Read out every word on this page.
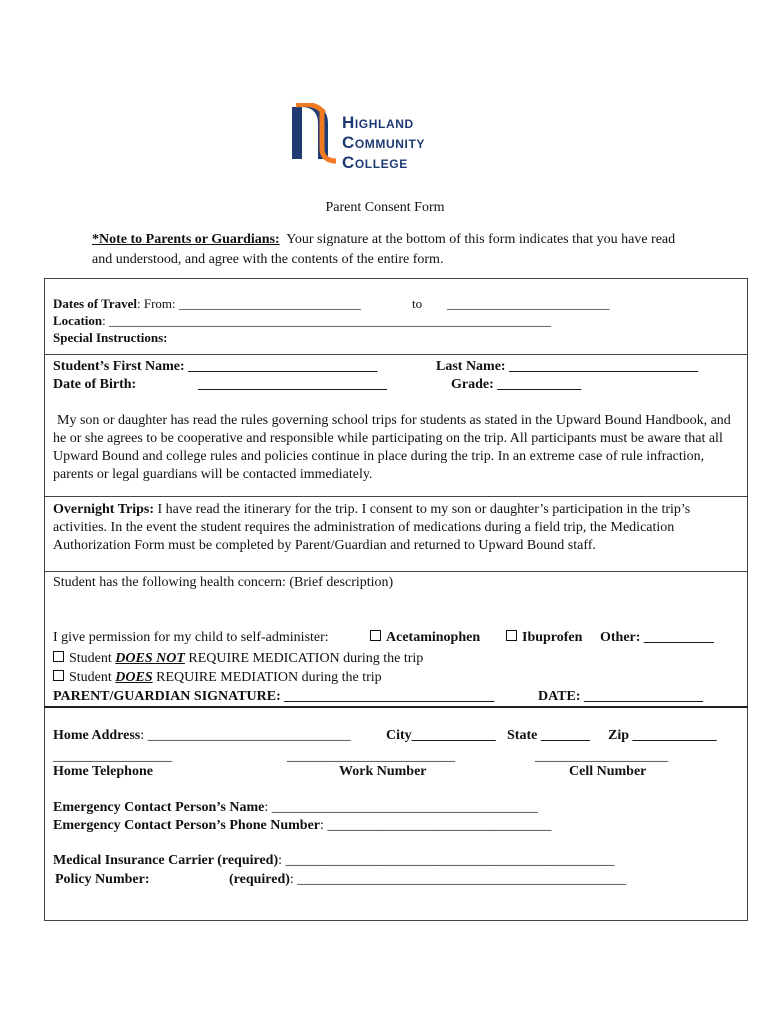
Highland
Community
College
Parent Consent Form
*Note to Parents or Guardians: Your signature at the bottom of this form indicates that you have read and understood, and agree with the contents of the entire form.
Dates of Travel: From: ____________________________	to _________________________
Location: ____________________________________________________________________
Special Instructions:
Student’s First Name: ___________________________	Last Name: ___________________________
Date of Birth:	___________________________	Grade: ____________
My son or daughter has read the rules governing school trips for students as stated in the Upward Bound Handbook, and he or she agrees to be cooperative and responsible while participating on the trip. All participants must be aware that all Upward Bound and college rules and policies continue in place during the trip. In an extreme case of rule infraction, parents or legal guardians will be contacted immediately.
Overnight Trips: I have read the itinerary for the trip. I consent to my son or daughter’s participation in the trip’s activities. In the event the student requires the administration of medications during a field trip, the Medication Authorization Form must be completed by Parent/Guardian and returned to Upward Bound staff.
Student has the following health concern: (Brief description)
I give permission for my child to self-administer:	Acetaminophen	Ibuprofen Other: __________
Student DOES NOT REQUIRE MEDICATION during the trip
Student DOES REQUIRE MEDIATION during the trip
PARENT/GUARDIAN SIGNATURE: ______________________________	DATE: _________________
Home Address: _____________________________	City____________ State _______ Zip ____________
_________________	________________________	___________________
Home Telephone	Work Number	Cell Number
Emergency Contact Person’s Name: ______________________________________
Emergency Contact Person’s Phone Number: ________________________________
Medical Insurance Carrier (required): _______________________________________________
Policy Number:	(required): _______________________________________________
